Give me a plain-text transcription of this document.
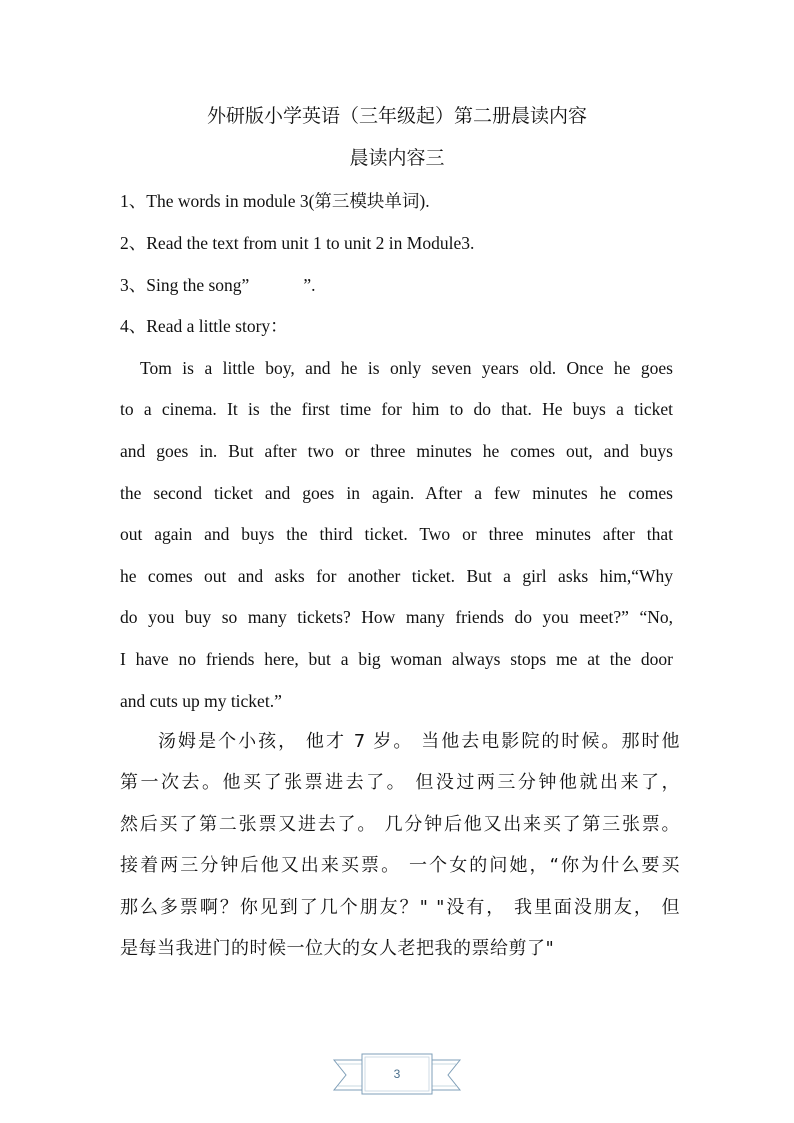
外研版小学英语（三年级起）第二册晨读内容
晨读内容三
1、The words in module 3(第三模块单词).
2、Read the text from unit 1 to unit 2 in Module3.
3、Sing the song”	”.
4、Read a little story：
Tom is a little boy, and he is only seven years old. Once he goes
to a cinema. It is the first time for him to do that. He buys a ticket
and goes in. But after two or three minutes he comes out, and buys
the second ticket and goes in again. After a few minutes he comes
out again and buys the third ticket. Two or three minutes after that
he comes out and asks for another ticket. But a girl asks him,“Why
do you buy so many tickets? How many friends do you meet?” “No,
I have no friends here, but a big woman always stops me at the door
and cuts up my ticket.”
汤姆是个小孩， 他才 7 岁。 当他去电影院的时候。那时他
第一次去。他买了张票进去了。 但没过两三分钟他就出来了，
然后买了第二张票又进去了。 几分钟后他又出来买了第三张票。
接着两三分钟后他又出来买票。 一个女的问她，“你为什么要买
那么多票啊？你见到了几个朋友？" "没有， 我里面没朋友， 但
是每当我进门的时候一位大的女人老把我的票给剪了"
3
